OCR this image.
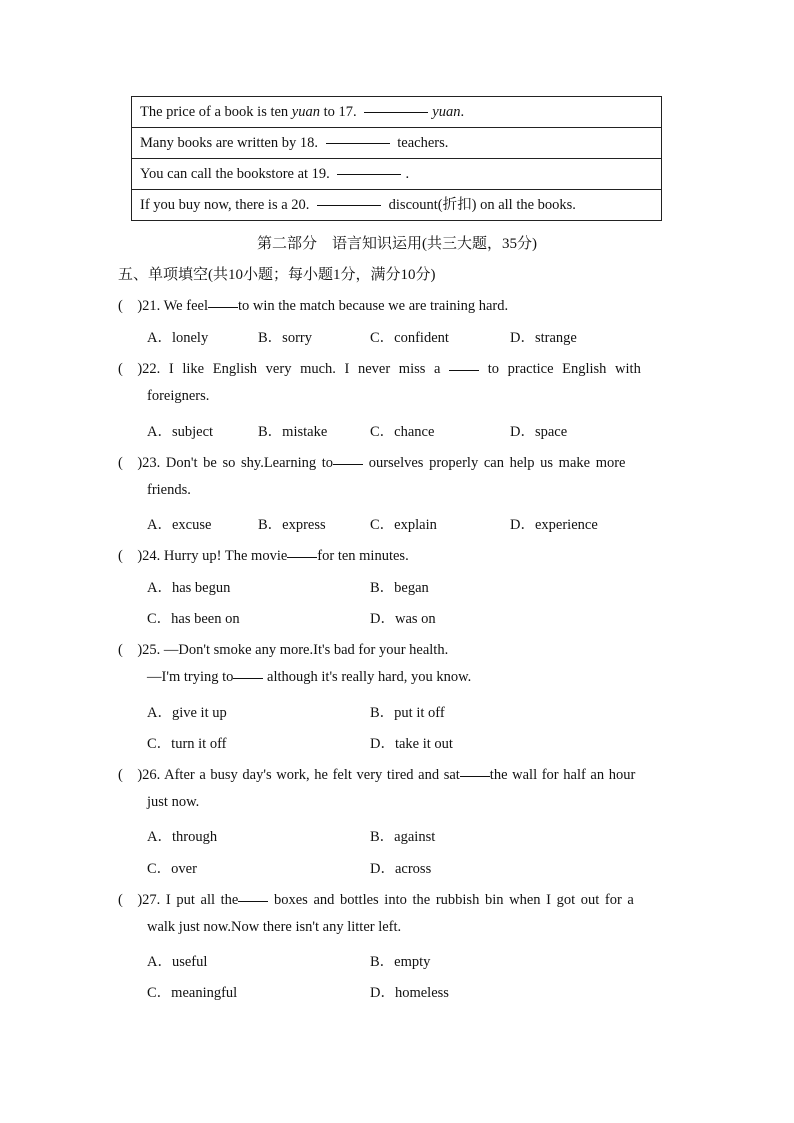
The price of a book is ten yuan to 17.	yuan.
Many books are written by 18.	teachers.
You can call the bookstore at 19.	.
If you buy now, there is a 20.	discount(折扣) on all the books.
第二部分　语言知识运用(共三大题，35分)
五、单项填空(共10小题；每小题1分，满分10分)
(　)21. We feel to win the match because we are training hard.
A．lonely	B．sorry	C．confident	D．strange
(　)22. I like English very much. I never miss a  to practice English with
foreigners.
A．subject	B．mistake	C．chance	D．space
(　)23. Don't be so shy.Learning to ourselves properly can help us make more
friends.
A．excuse	B．express	C．explain	D．experience
(　)24. Hurry up! The movie for ten minutes.
A．has begun	B．began
C．has been on	D．was on
(　)25. —Don't smoke any more.It's bad for your health.
—I'm trying to although it's really hard, you know.
A．give it up	B．put it off
C．turn it off	D．take it out
(　)26. After a busy day's work, he felt very tired and sat the wall for half an hour
just now.
A．through	B．against
C．over	D．across
(　)27. I put all the boxes and bottles into the rubbish bin when I got out for a
walk just now.Now there isn't any litter left.
A．useful	B．empty
C．meaningful	D．homeless
